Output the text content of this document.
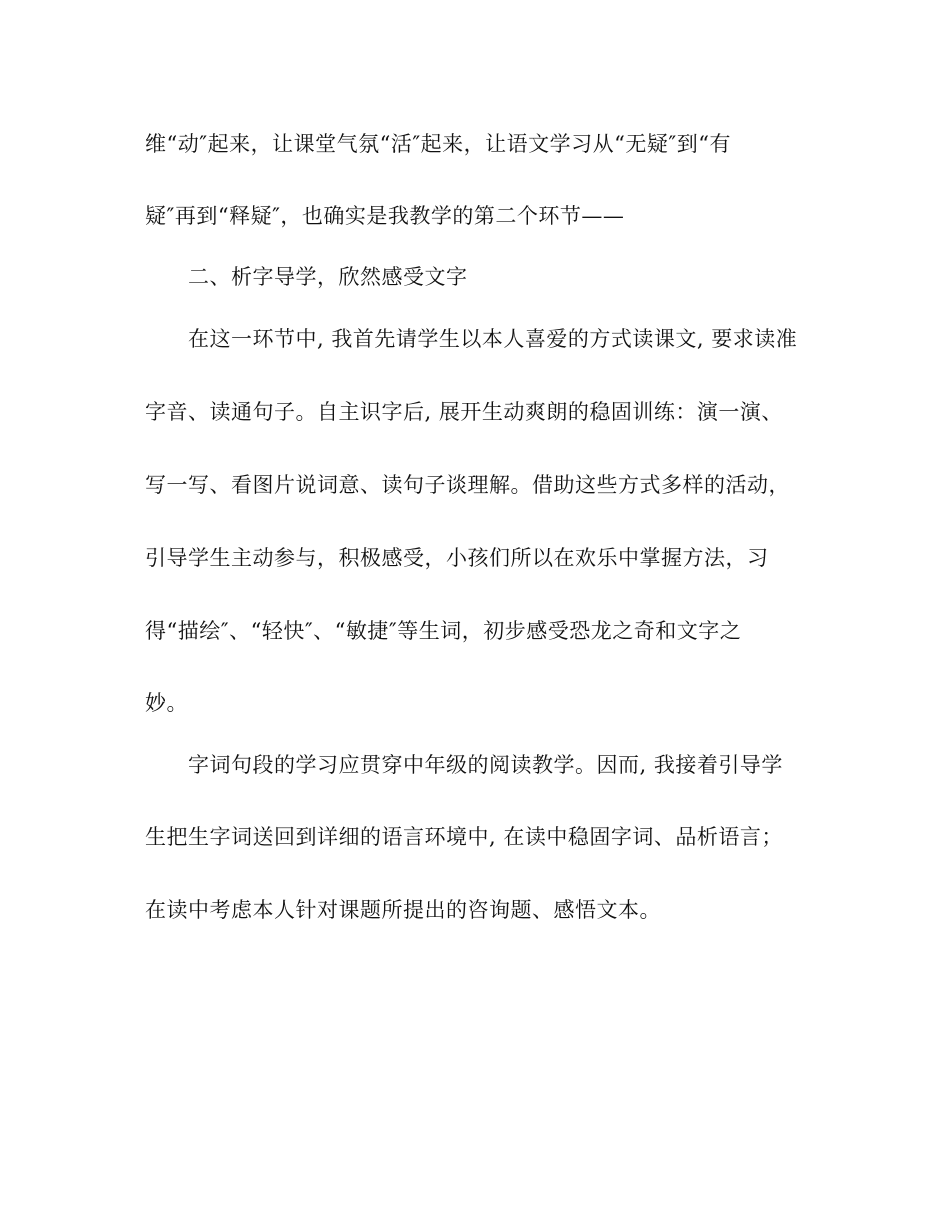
维“动″起来，让课堂气氛“活″起来，让语文学习从“无疑″到“有
疑″再到“释疑″，也确实是我教学的第二个环节——
二、析字导学，欣然感受文字
在这一环节中, 我首先请学生以本人喜爱的方式读课文, 要求读准
字音、读通句子。自主识字后, 展开生动爽朗的稳固训练：演一演、
写一写、看图片说词意、读句子谈理解。借助这些方式多样的活动，
引导学生主动参与，积极感受，小孩们所以在欢乐中掌握方法，习
得“描绘″、“轻快″、“敏捷″等生词，初步感受恐龙之奇和文字之
妙。
字词句段的学习应贯穿中年级的阅读教学。因而, 我接着引导学
生把生字词送回到详细的语言环境中, 在读中稳固字词、品析语言；
在读中考虑本人针对课题所提出的咨询题、感悟文本。
